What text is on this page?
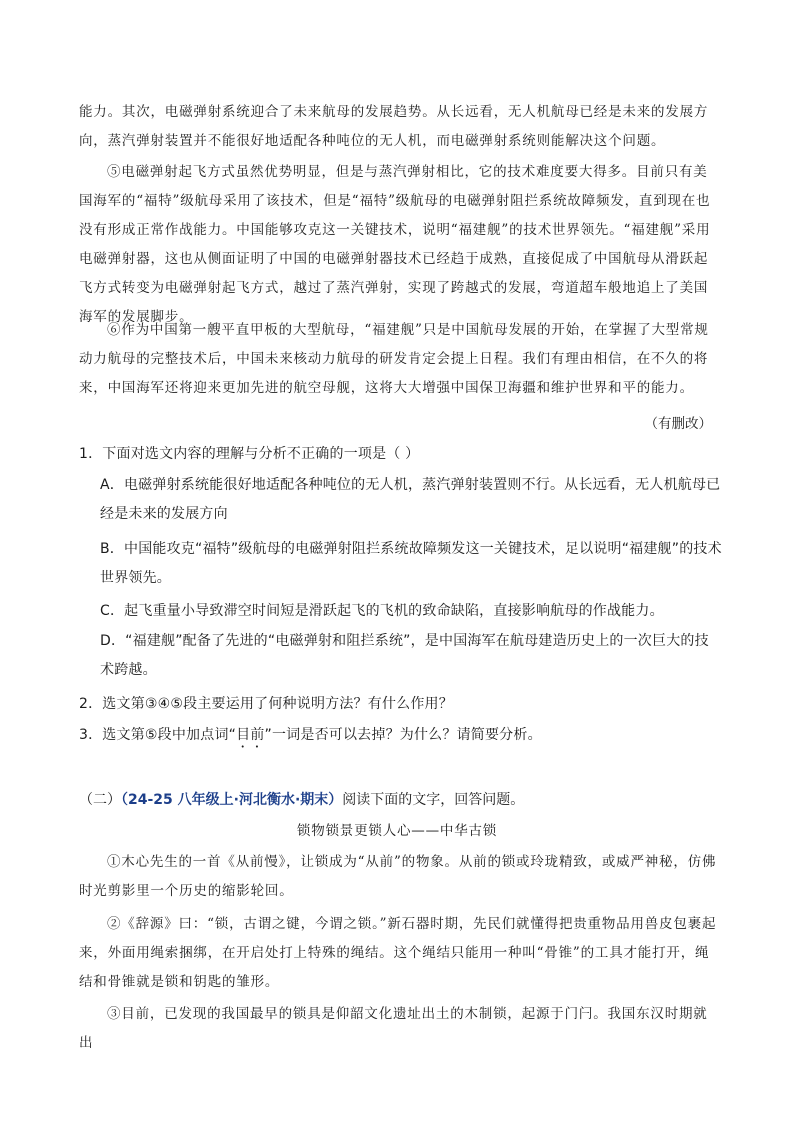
能力。其次，电磁弹射系统迎合了未来航母的发展趋势。从长远看，无人机航母已经是未来的发展方向，蒸汽弹射装置并不能很好地适配各种吨位的无人机，而电磁弹射系统则能解决这个问题。

⑤电磁弹射起飞方式虽然优势明显，但是与蒸汽弹射相比，它的技术难度要大得多。目前只有美国海军的“福特”级航母采用了该技术，但是“福特”级航母的电磁弹射阻拦系统故障频发，直到现在也没有形成正常作战能力。中国能够攻克这一关键技术，说明“福建舰”的技术世界领先。“福建舰”采用电磁弹射器，这也从侧面证明了中国的电磁弹射器技术已经趋于成熟，直接促成了中国航母从滑跃起飞方式转变为电磁弹射起飞方式，越过了蒸汽弹射，实现了跨越式的发展，弯道超车般地追上了美国海军的发展脚步。

⑥作为中国第一艘平直甲板的大型航母，“福建舰”只是中国航母发展的开始，在掌握了大型常规动力航母的完整技术后，中国未来核动力航母的研发肯定会提上日程。我们有理由相信，在不久的将来，中国海军还将迎来更加先进的航空母舰，这将大大增强中国保卫海疆和维护世界和平的能力。

（有删改）

1．下面对选文内容的理解与分析不正确的一项是（ ）

A．电磁弹射系统能很好地适配各种吨位的无人机，蒸汽弹射装置则不行。从长远看，无人机航母已经是未来的发展方向

B．中国能攻克“福特”级航母的电磁弹射阻拦系统故障频发这一关键技术，足以说明“福建舰”的技术世界领先。

C．起飞重量小导致滞空时间短是滑跃起飞的飞机的致命缺陷，直接影响航母的作战能力。

D．“福建舰”配备了先进的“电磁弹射和阻拦系统”，是中国海军在航母建造历史上的一次巨大的技术跨越。

2．选文第③④⑤段主要运用了何种说明方法？有什么作用？

3．选文第⑤段中加点词“目前”一词是否可以去掉？为什么？请简要分析。

（二）（24-25 八年级上·河北衡水·期末）阅读下面的文字，回答问题。
锁物锁景更锁人心——中华古锁

①木心先生的一首《从前慢》，让锁成为“从前”的物象。从前的锁或玲珑精致，或威严神秘，仿佛时光剪影里一个历史的缩影轮回。

②《辞源》曰：“锁，古谓之键，今谓之锁。”新石器时期，先民们就懂得把贵重物品用兽皮包裹起来，外面用绳索捆绑，在开启处打上特殊的绳结。这个绳结只能用一种叫“骨锥”的工具才能打开，绳结和骨锥就是锁和钥匙的雏形。

③目前，已发现的我国最早的锁具是仰韶文化遗址出土的木制锁，起源于门闩。我国东汉时期就出
